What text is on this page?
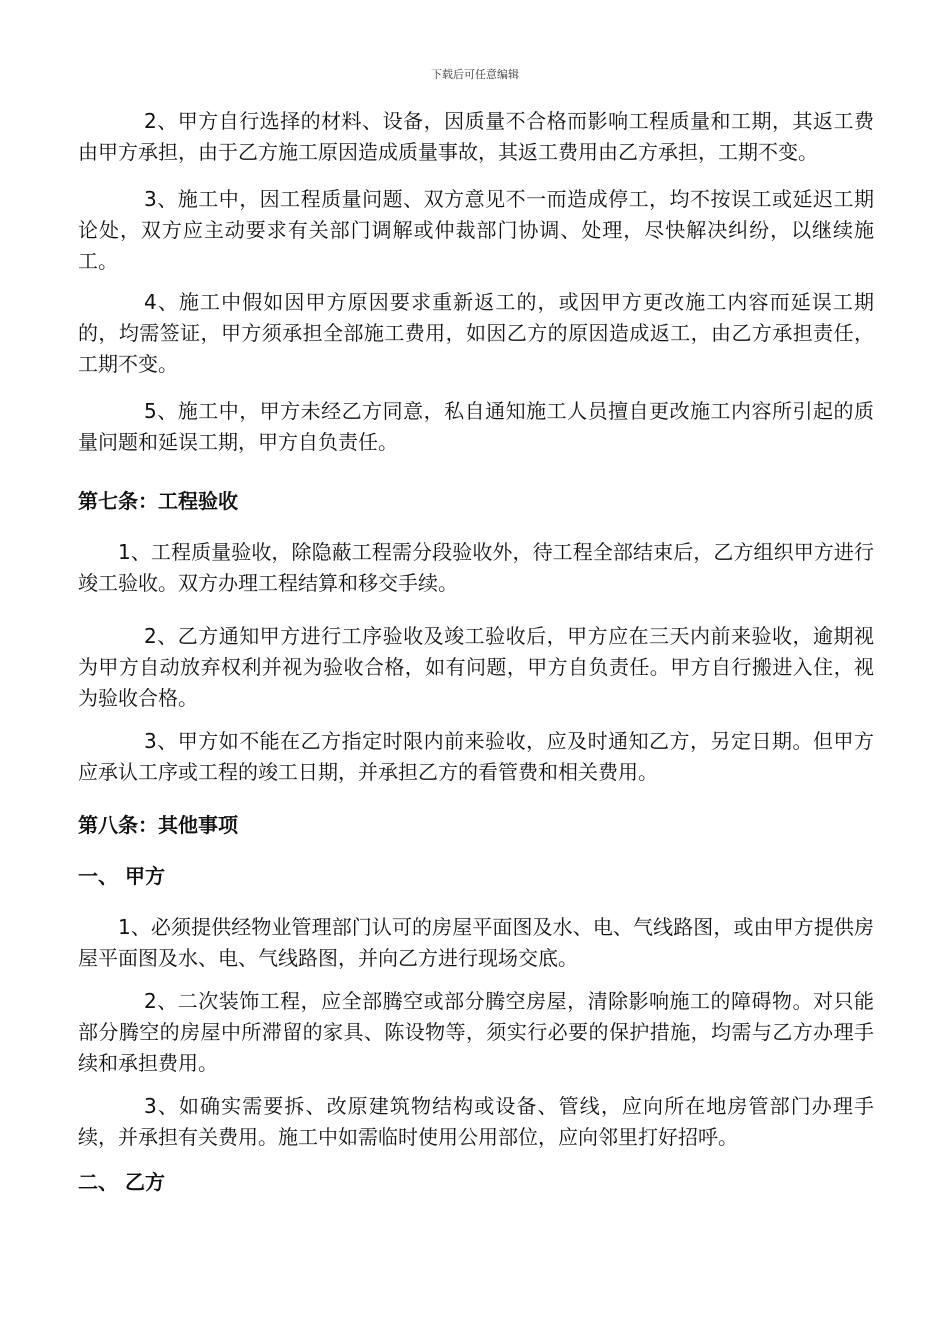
下载后可任意编辑

2、甲方自行选择的材料、设备，因质量不合格而影响工程质量和工期，其返工费由甲方承担，由于乙方施工原因造成质量事故，其返工费用由乙方承担，工期不变。

3、施工中，因工程质量问题、双方意见不一而造成停工，均不按误工或延迟工期论处，双方应主动要求有关部门调解或仲裁部门协调、处理，尽快解决纠纷，以继续施工。

4、施工中假如因甲方原因要求重新返工的，或因甲方更改施工内容而延误工期的，均需签证，甲方须承担全部施工费用，如因乙方的原因造成返工，由乙方承担责任，工期不变。

5、施工中，甲方未经乙方同意，私自通知施工人员擅自更改施工内容所引起的质量问题和延误工期，甲方自负责任。

第七条：工程验收

1、工程质量验收，除隐蔽工程需分段验收外，待工程全部结束后，乙方组织甲方进行竣工验收。双方办理工程结算和移交手续。

2、乙方通知甲方进行工序验收及竣工验收后，甲方应在三天内前来验收，逾期视为甲方自动放弃权利并视为验收合格，如有问题，甲方自负责任。甲方自行搬进入住，视为验收合格。

3、甲方如不能在乙方指定时限内前来验收，应及时通知乙方，另定日期。但甲方应承认工序或工程的竣工日期，并承担乙方的看管费和相关费用。

第八条：其他事项

一、 甲方

1、必须提供经物业管理部门认可的房屋平面图及水、电、气线路图，或由甲方提供房屋平面图及水、电、气线路图，并向乙方进行现场交底。

2、二次装饰工程，应全部腾空或部分腾空房屋，清除影响施工的障碍物。对只能部分腾空的房屋中所滞留的家具、陈设物等，须实行必要的保护措施，均需与乙方办理手续和承担费用。

3、如确实需要拆、改原建筑物结构或设备、管线，应向所在地房管部门办理手续，并承担有关费用。施工中如需临时使用公用部位，应向邻里打好招呼。

二、 乙方
